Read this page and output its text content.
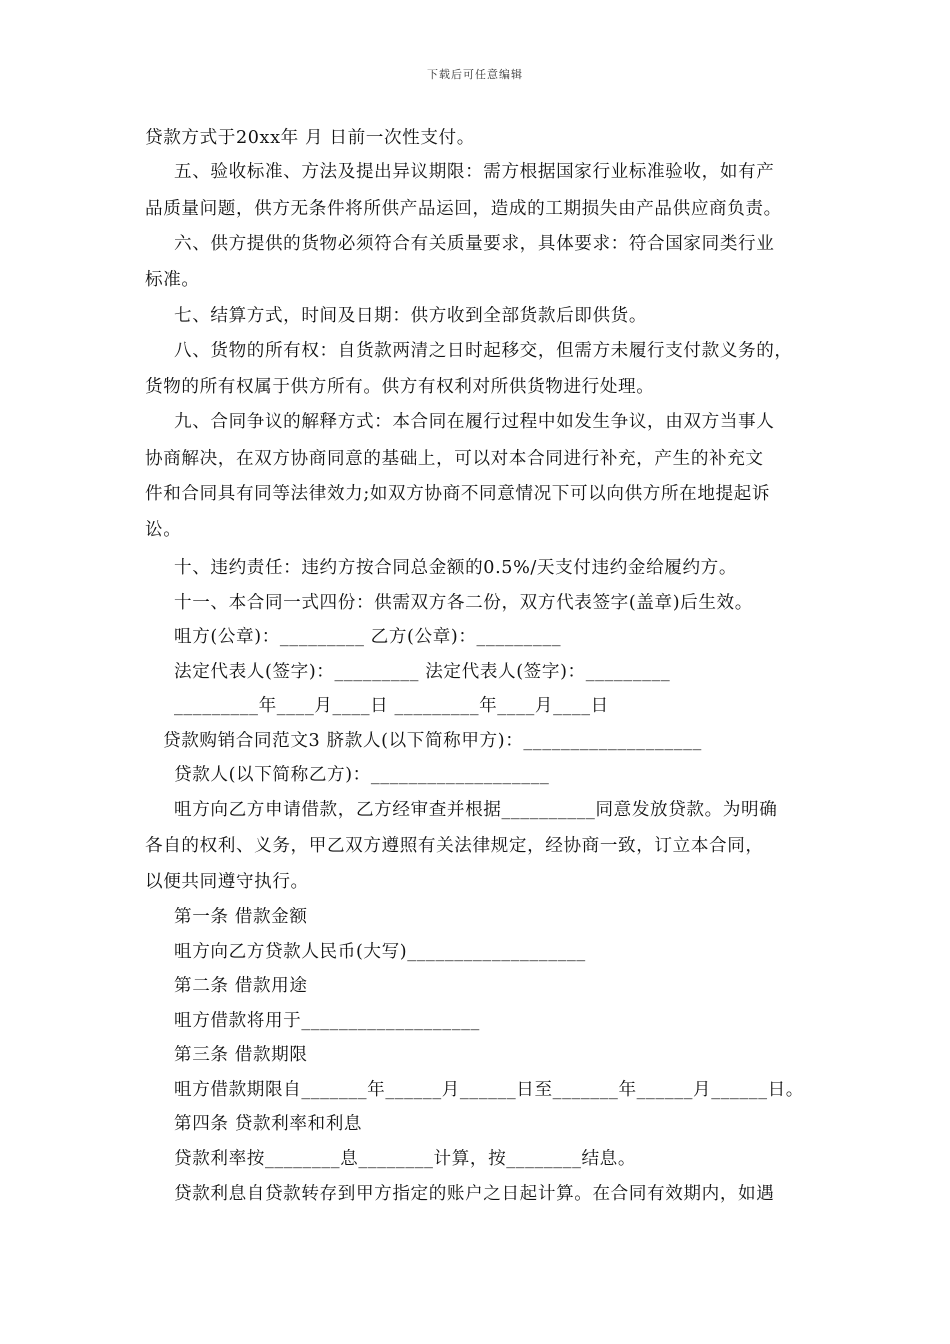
下载后可任意编辑
贷款方式于20xx年 月 日前一次性支付。
五、验收标准、方法及提出异议期限：需方根据国家行业标准验收，如有产
品质量问题，供方无条件将所供产品运回，造成的工期损失由产品供应商负责。
六、供方提供的货物必须符合有关质量要求，具体要求：符合国家同类行业
标准。
七、结算方式，时间及日期：供方收到全部货款后即供货。
八、货物的所有权：自货款两清之日时起移交，但需方未履行支付款义务的，
货物的所有权属于供方所有。供方有权利对所供货物进行处理。
九、合同争议的解释方式：本合同在履行过程中如发生争议，由双方当事人
协商解决，在双方协商同意的基础上，可以对本合同进行补充，产生的补充文
件和合同具有同等法律效力;如双方协商不同意情况下可以向供方所在地提起诉
讼。
十、违约责任：违约方按合同总金额的0.5%/天支付违约金给履约方。
十一、本合同一式四份：供需双方各二份，双方代表签字(盖章)后生效。
咀方(公章)：_________ 乙方(公章)：_________
法定代表人(签字)：_________ 法定代表人(签字)：_________
_________年____月____日 _________年____月____日
贷款购销合同范文3 脐款人(以下简称甲方)：___________________
贷款人(以下简称乙方)：___________________
咀方向乙方申请借款，乙方经审查并根据__________同意发放贷款。为明确
各自的权利、义务，甲乙双方遵照有关法律规定，经协商一致，订立本合同，
以便共同遵守执行。
第一条 借款金额
咀方向乙方贷款人民币(大写)___________________
第二条 借款用途
咀方借款将用于___________________
第三条 借款期限
咀方借款期限自_______年______月______日至_______年______月______日。
第四条 贷款利率和利息
贷款利率按________息________计算，按________结息。
贷款利息自贷款转存到甲方指定的账户之日起计算。在合同有效期内，如遇
